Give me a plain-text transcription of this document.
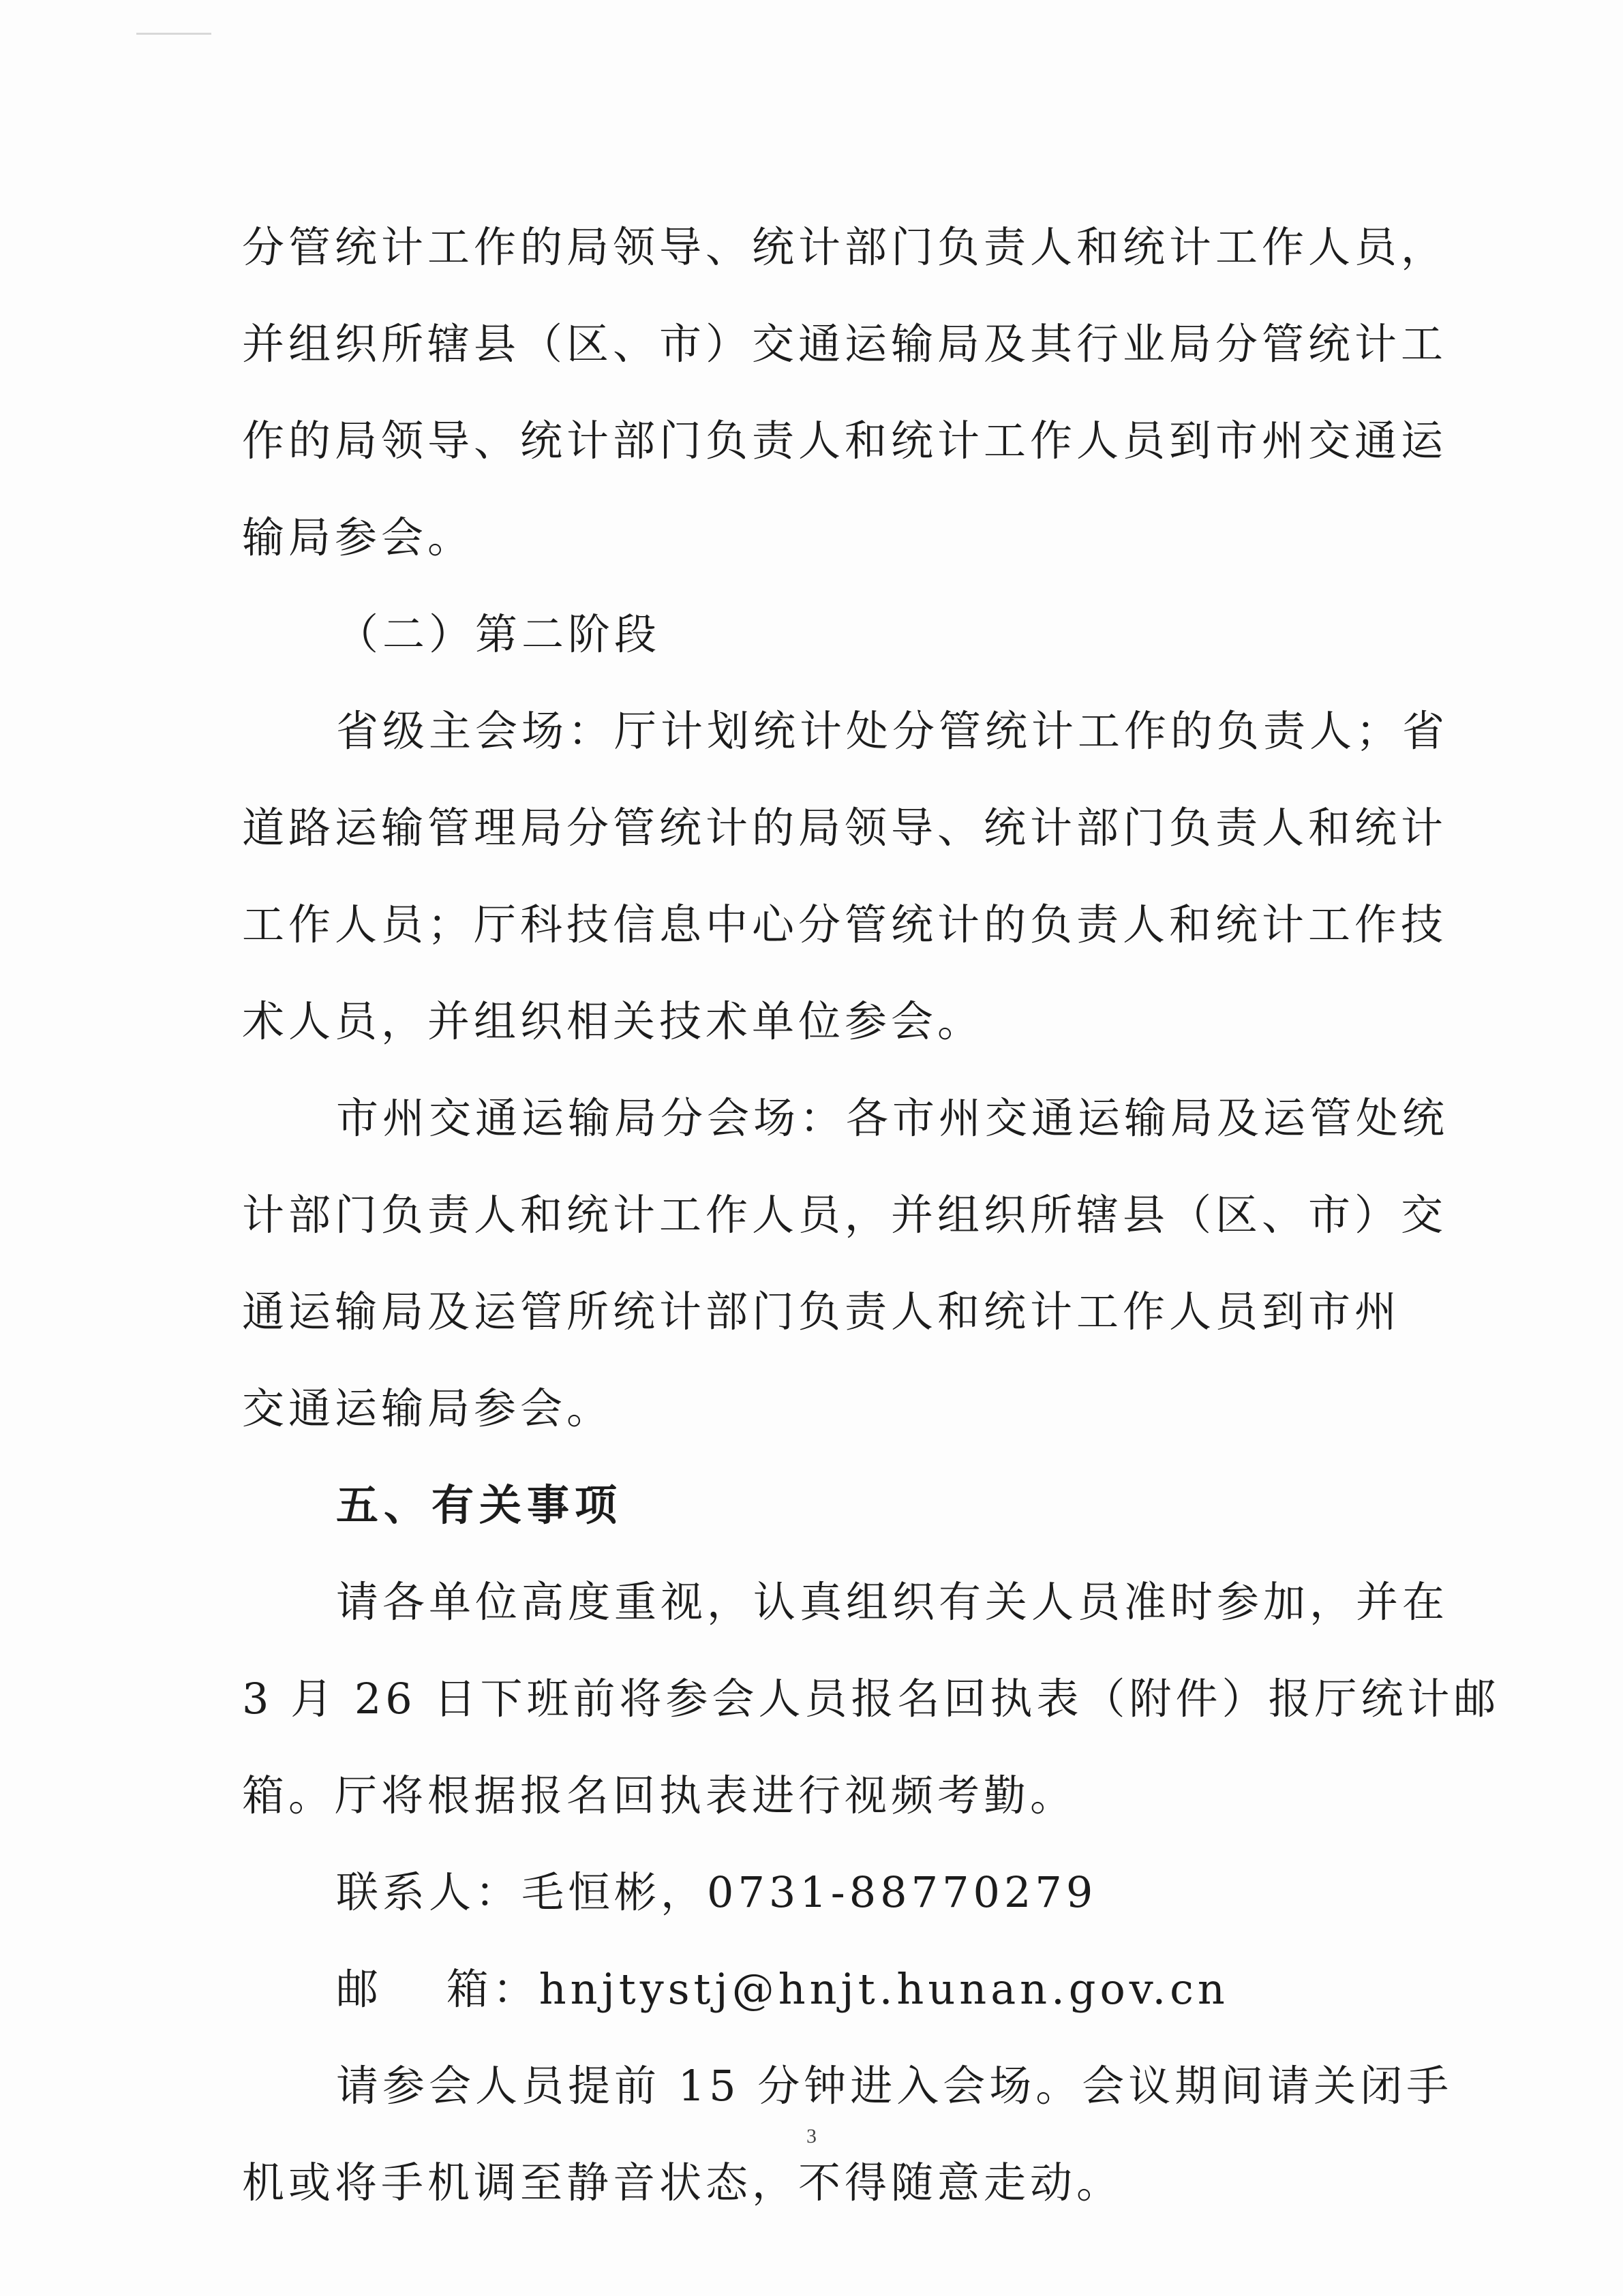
分管统计工作的局领导、统计部门负责人和统计工作人员，
并组织所辖县（区、市）交通运输局及其行业局分管统计工
作的局领导、统计部门负责人和统计工作人员到市州交通运
输局参会。
（二）第二阶段
省级主会场：厅计划统计处分管统计工作的负责人；省
道路运输管理局分管统计的局领导、统计部门负责人和统计
工作人员；厅科技信息中心分管统计的负责人和统计工作技
术人员，并组织相关技术单位参会。
市州交通运输局分会场：各市州交通运输局及运管处统
计部门负责人和统计工作人员，并组织所辖县（区、市）交
通运输局及运管所统计部门负责人和统计工作人员到市州
交通运输局参会。
五、有关事项
请各单位高度重视，认真组织有关人员准时参加，并在
3 月 26 日下班前将参会人员报名回执表（附件）报厅统计邮
箱。厅将根据报名回执表进行视频考勤。
联系人：毛恒彬，0731-88770279
邮　 箱：hnjtystj@hnjt.hunan.gov.cn
请参会人员提前 15 分钟进入会场。会议期间请关闭手
机或将手机调至静音状态，不得随意走动。
3
